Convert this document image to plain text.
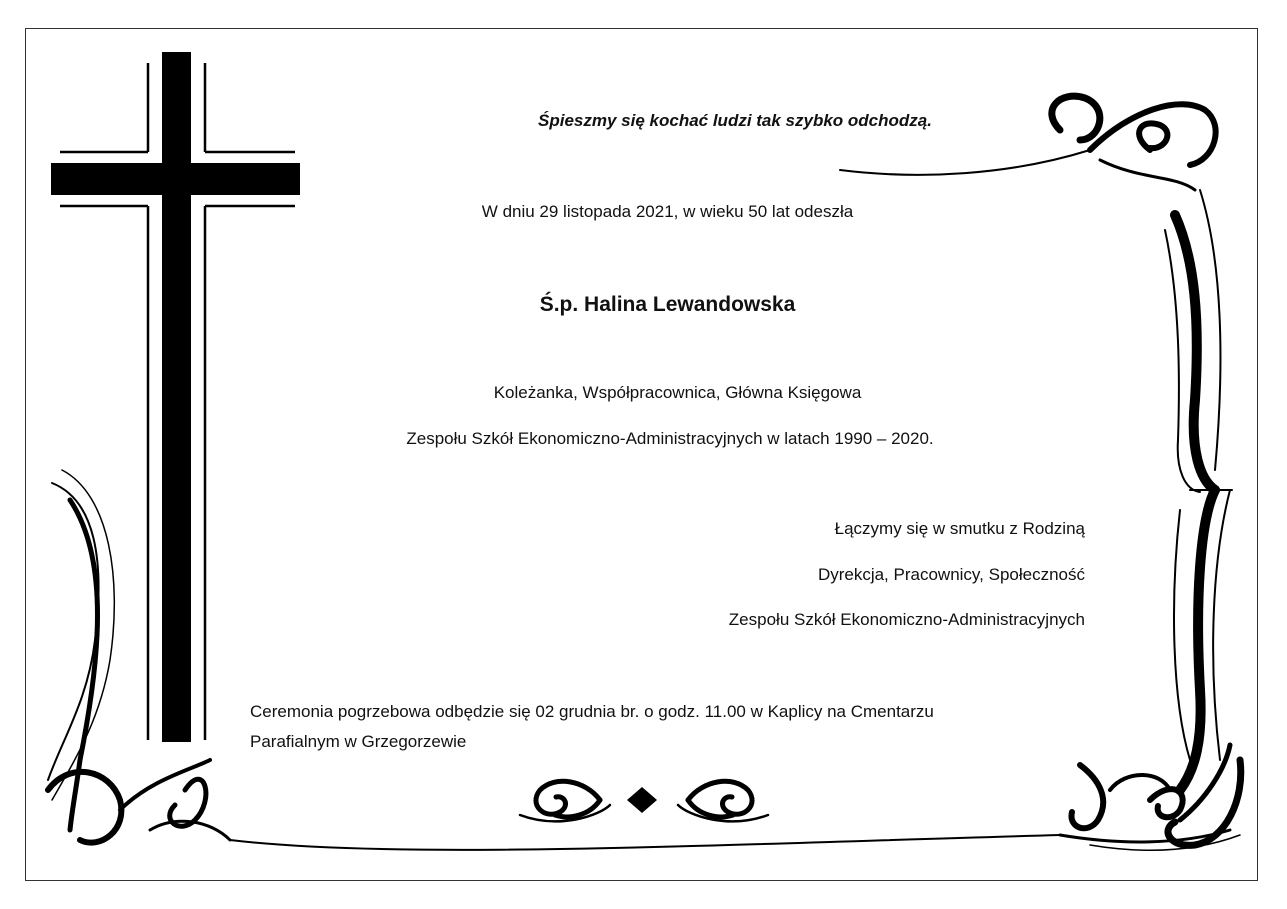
Śpieszmy się kochać ludzi tak szybko odchodzą.
W dniu 29 listopada 2021, w wieku 50 lat odeszła
Ś.p. Halina Lewandowska
Koleżanka, Współpracownica, Główna Księgowa
Zespołu Szkół Ekonomiczno-Administracyjnych w latach 1990 – 2020.
Łączymy się w smutku z Rodziną
Dyrekcja, Pracownicy, Społeczność
Zespołu Szkół Ekonomiczno-Administracyjnych
Ceremonia pogrzebowa odbędzie się 02 grudnia br. o godz. 11.00 w Kaplicy na Cmentarzu
Parafialnym w Grzegorzewie
